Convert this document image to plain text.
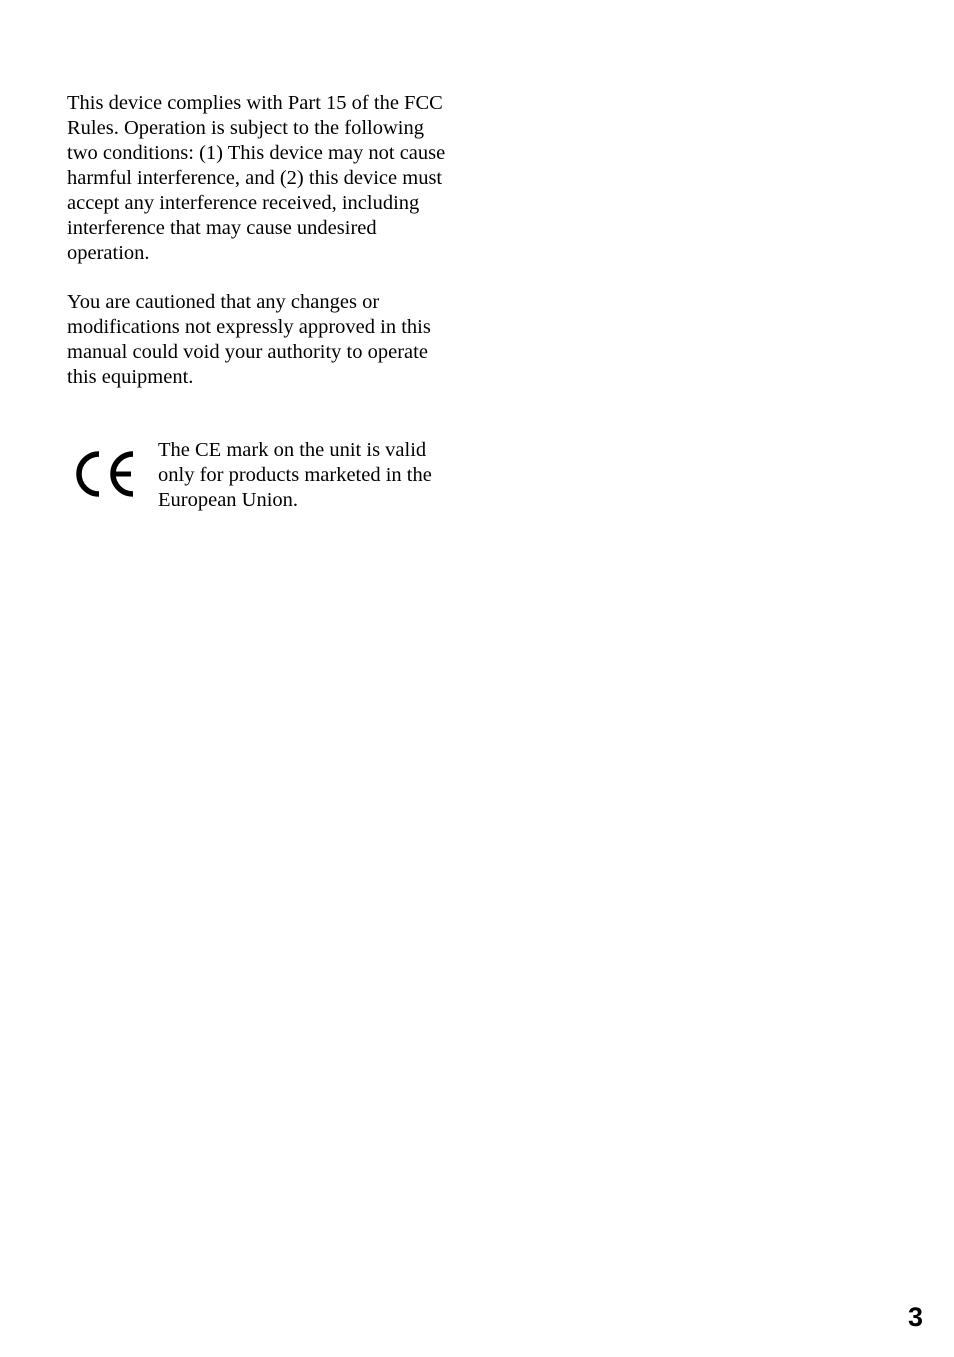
This device complies with Part 15 of the FCC Rules. Operation is subject to the following two conditions: (1) This device may not cause harmful interference, and (2) this device must accept any interference received, including interference that may cause undesired operation.

You are cautioned that any changes or modifications not expressly approved in this manual could void your authority to operate this equipment.

The CE mark on the unit is valid only for products marketed in the European Union.

3
